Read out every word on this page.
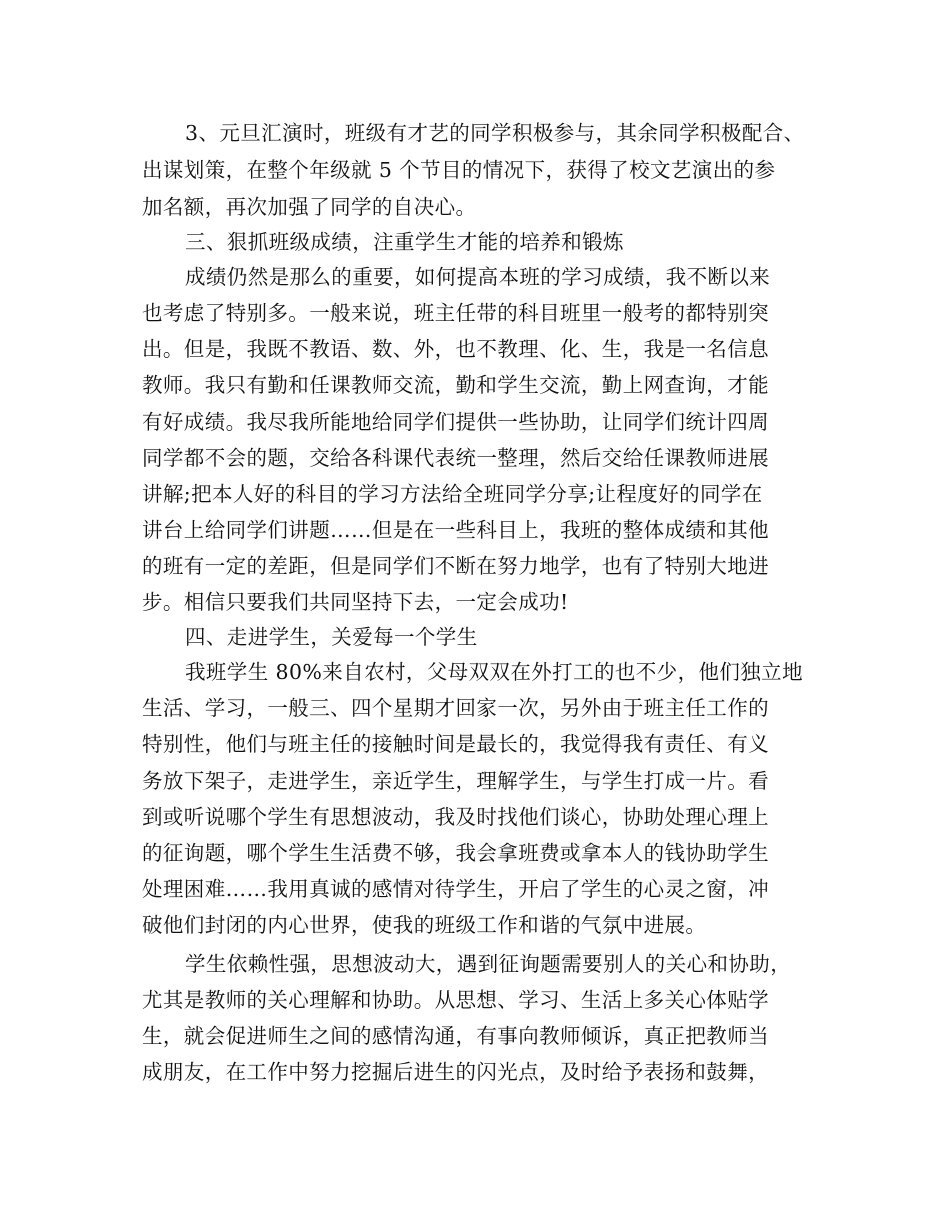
3、元旦汇演时，班级有才艺的同学积极参与，其余同学积极配合、
出谋划策，在整个年级就 5 个节目的情况下，获得了校文艺演出的参
加名额，再次加强了同学的自决心。
三、狠抓班级成绩，注重学生才能的培养和锻炼
成绩仍然是那么的重要，如何提高本班的学习成绩，我不断以来
也考虑了特别多。一般来说，班主任带的科目班里一般考的都特别突
出。但是，我既不教语、数、外，也不教理、化、生，我是一名信息
教师。我只有勤和任课教师交流，勤和学生交流，勤上网查询，才能
有好成绩。我尽我所能地给同学们提供一些协助，让同学们统计四周
同学都不会的题，交给各科课代表统一整理，然后交给任课教师进展
讲解;把本人好的科目的学习方法给全班同学分享;让程度好的同学在
讲台上给同学们讲题……但是在一些科目上，我班的整体成绩和其他
的班有一定的差距，但是同学们不断在努力地学，也有了特别大地进
步。相信只要我们共同坚持下去，一定会成功!
四、走进学生，关爱每一个学生
我班学生 80%来自农村，父母双双在外打工的也不少，他们独立地
生活、学习，一般三、四个星期才回家一次，另外由于班主任工作的
特别性，他们与班主任的接触时间是最长的，我觉得我有责任、有义
务放下架子，走进学生，亲近学生，理解学生，与学生打成一片。看
到或听说哪个学生有思想波动，我及时找他们谈心，协助处理心理上
的征询题，哪个学生生活费不够，我会拿班费或拿本人的钱协助学生
处理困难……我用真诚的感情对待学生，开启了学生的心灵之窗，冲
破他们封闭的内心世界，使我的班级工作和谐的气氛中进展。
学生依赖性强，思想波动大，遇到征询题需要别人的关心和协助，
尤其是教师的关心理解和协助。从思想、学习、生活上多关心体贴学
生，就会促进师生之间的感情沟通，有事向教师倾诉，真正把教师当
成朋友，在工作中努力挖掘后进生的闪光点，及时给予表扬和鼓舞，
